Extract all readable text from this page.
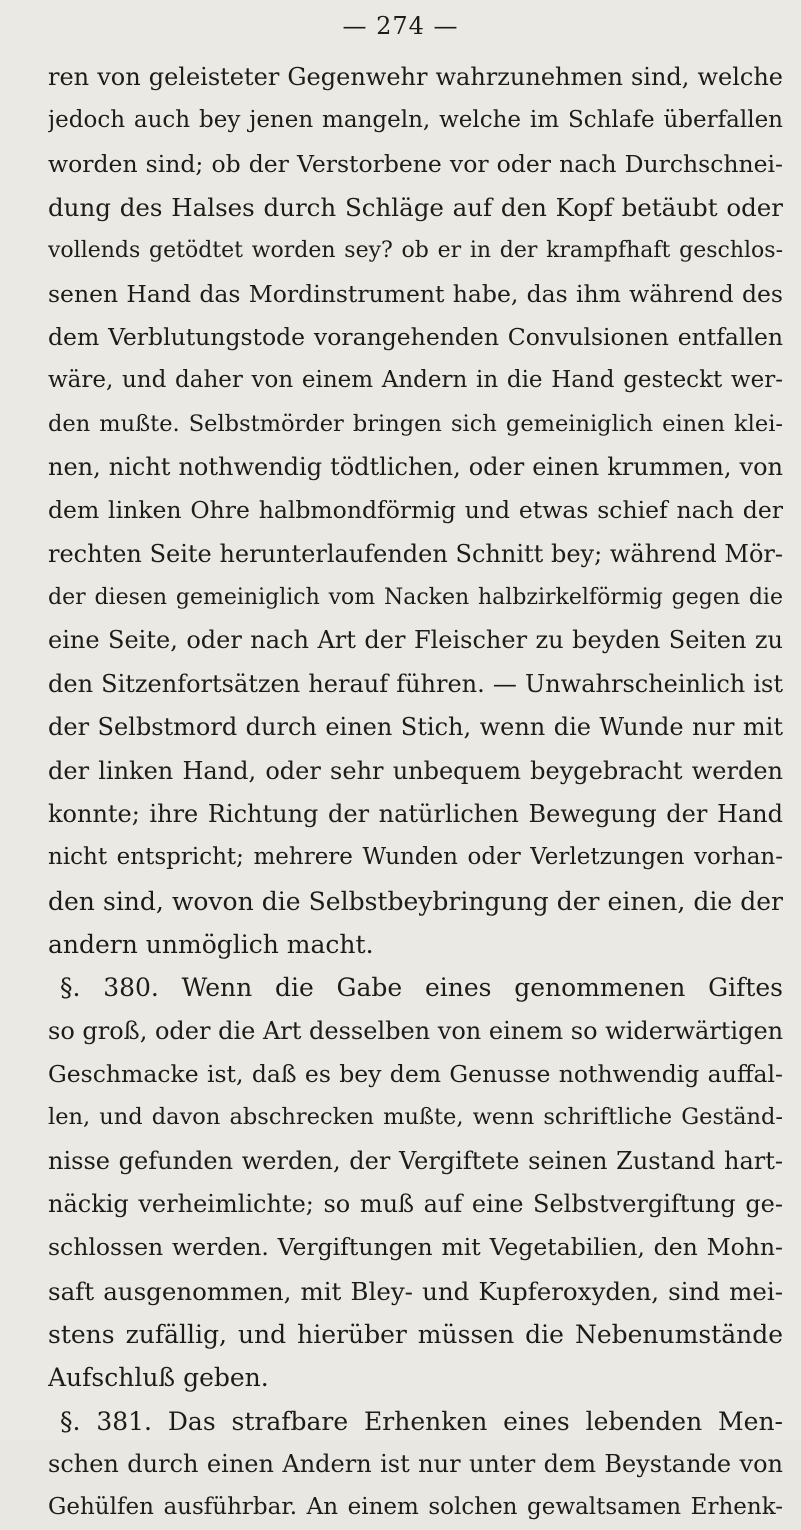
— 274 —
ren von geleisteter Gegenwehr wahrzunehmen sind, welche
jedoch auch bey jenen mangeln, welche im Schlafe überfallen
worden sind; ob der Verstorbene vor oder nach Durchschnei-
dung des Halses durch Schläge auf den Kopf betäubt oder
vollends getödtet worden sey? ob er in der krampfhaft geschlos-
senen Hand das Mordinstrument habe, das ihm während des
dem Verblutungstode vorangehenden Convulsionen entfallen
wäre, und daher von einem Andern in die Hand gesteckt wer-
den mußte. Selbstmörder bringen sich gemeiniglich einen klei-
nen, nicht nothwendig tödtlichen, oder einen krummen, von
dem linken Ohre halbmondförmig und etwas schief nach der
rechten Seite herunterlaufenden Schnitt bey; während Mör-
der diesen gemeiniglich vom Nacken halbzirkelförmig gegen die
eine Seite, oder nach Art der Fleischer zu beyden Seiten zu
den Sitzenfortsätzen herauf führen. — Unwahrscheinlich ist
der Selbstmord durch einen Stich, wenn die Wunde nur mit
der linken Hand, oder sehr unbequem beygebracht werden
konnte; ihre Richtung der natürlichen Bewegung der Hand
nicht entspricht; mehrere Wunden oder Verletzungen vorhan-
den sind, wovon die Selbstbeybringung der einen, die der
andern unmöglich macht.
§. 380. Wenn die Gabe eines genommenen Giftes
so groß, oder die Art desselben von einem so widerwärtigen
Geschmacke ist, daß es bey dem Genusse nothwendig auffal-
len, und davon abschrecken mußte, wenn schriftliche Geständ-
nisse gefunden werden, der Vergiftete seinen Zustand hart-
näckig verheimlichte; so muß auf eine Selbstvergiftung ge-
schlossen werden. Vergiftungen mit Vegetabilien, den Mohn-
saft ausgenommen, mit Bley- und Kupferoxyden, sind mei-
stens zufällig, und hierüber müssen die Nebenumstände
Aufschluß geben.
§. 381. Das strafbare Erhenken eines lebenden Men-
schen durch einen Andern ist nur unter dem Beystande von
Gehülfen ausführbar. An einem solchen gewaltsamen Erhenk-
